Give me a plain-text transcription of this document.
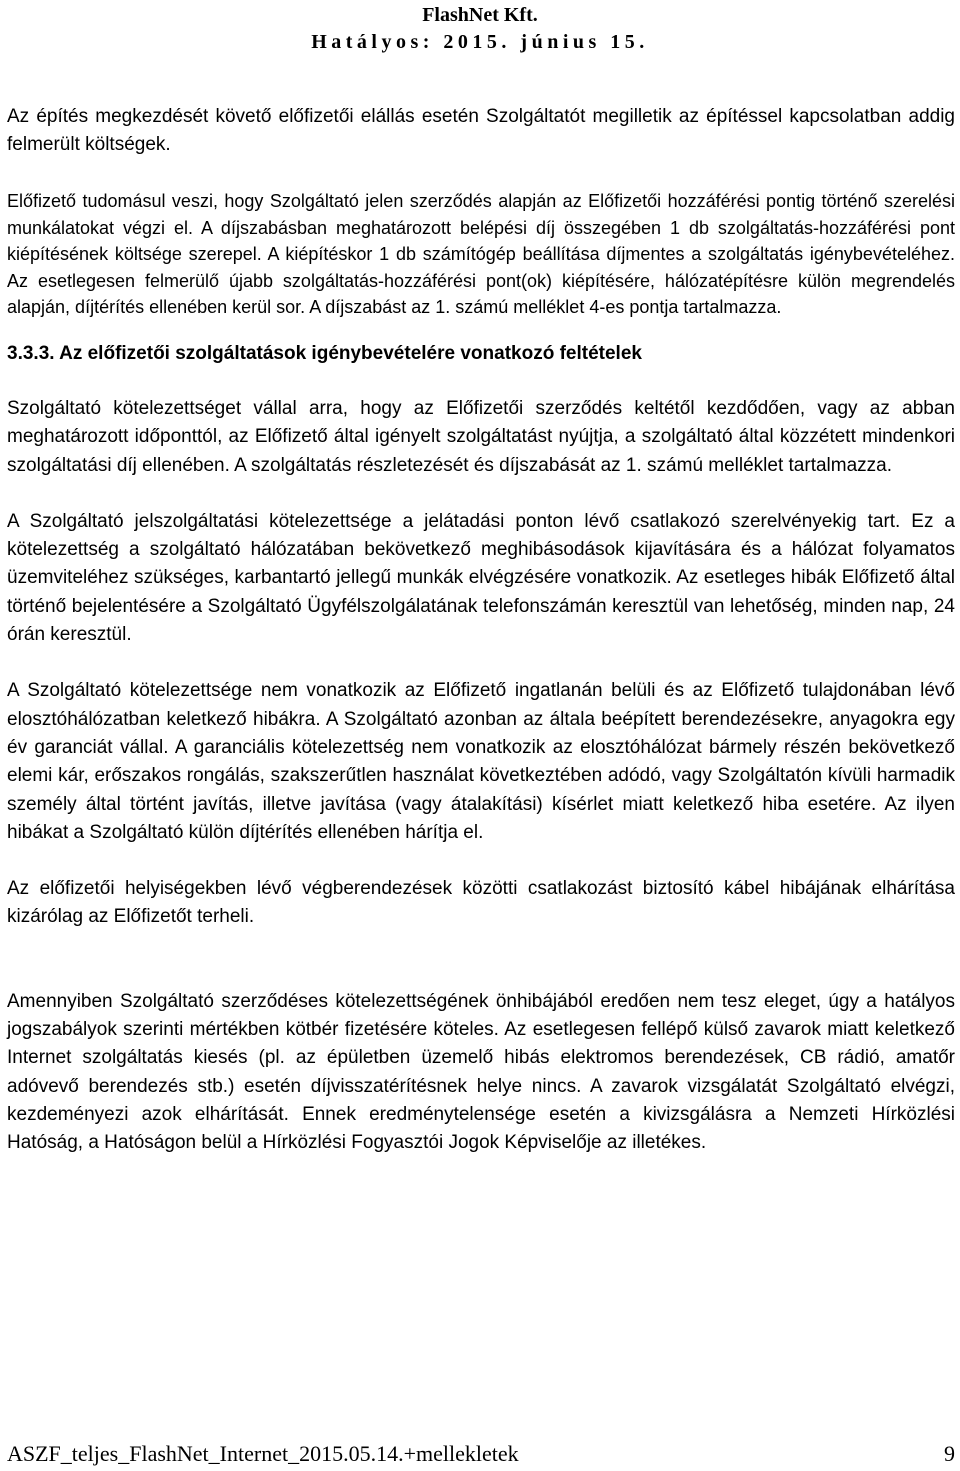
FlashNet Kft.
Hatályos: 2015. június 15.

Az építés megkezdését követő előfizetői elállás esetén Szolgáltatót megilletik az építéssel kapcsolatban addig felmerült költségek.

Előfizető tudomásul veszi, hogy Szolgáltató jelen szerződés alapján az Előfizetői hozzáférési pontig történő szerelési munkálatokat végzi el. A díjszabásban meghatározott belépési díj összegében 1 db szolgáltatás-hozzáférési pont kiépítésének költsége szerepel. A kiépítéskor 1 db számítógép beállítása díjmentes a szolgáltatás igénybevételéhez. Az esetlegesen felmerülő újabb szolgáltatás-hozzáférési pont(ok) kiépítésére, hálózatépítésre külön megrendelés alapján, díjtérítés ellenében kerül sor. A díjszabást az 1. számú melléklet 4-es pontja tartalmazza.

3.3.3. Az előfizetői szolgáltatások igénybevételére vonatkozó feltételek

Szolgáltató kötelezettséget vállal arra, hogy az Előfizetői szerződés keltétől kezdődően, vagy az abban meghatározott időponttól, az Előfizető által igényelt szolgáltatást nyújtja, a szolgáltató által közzétett mindenkori szolgáltatási díj ellenében. A szolgáltatás részletezését és díjszabását az 1. számú melléklet tartalmazza.

A Szolgáltató jelszolgáltatási kötelezettsége a jelátadási ponton lévő csatlakozó szerelvényekig tart. Ez a kötelezettség a szolgáltató hálózatában bekövetkező meghibásodások kijavítására és a hálózat folyamatos üzemviteléhez szükséges, karbantartó jellegű munkák elvégzésére vonatkozik. Az esetleges hibák Előfizető által történő bejelentésére a Szolgáltató Ügyfélszolgálatának telefonszámán keresztül van lehetőség, minden nap, 24 órán keresztül.

A Szolgáltató kötelezettsége nem vonatkozik az Előfizető ingatlanán belüli és az Előfizető tulajdonában lévő elosztóhálózatban keletkező hibákra. A Szolgáltató azonban az általa beépített berendezésekre, anyagokra egy év garanciát vállal. A garanciális kötelezettség nem vonatkozik az elosztóhálózat bármely részén bekövetkező elemi kár, erőszakos rongálás, szakszerűtlen használat következtében adódó, vagy Szolgáltatón kívüli harmadik személy által történt javítás, illetve javítása (vagy átalakítási) kísérlet miatt keletkező hiba esetére. Az ilyen hibákat a Szolgáltató külön díjtérítés ellenében hárítja el.

Az előfizetői helyiségekben lévő végberendezések közötti csatlakozást biztosító kábel hibájának elhárítása kizárólag az Előfizetőt terheli.

Amennyiben Szolgáltató szerződéses kötelezettségének önhibájából eredően nem tesz eleget, úgy a hatályos jogszabályok szerinti mértékben kötbér fizetésére köteles. Az esetlegesen fellépő külső zavarok miatt keletkező Internet szolgáltatás kiesés (pl. az épületben üzemelő hibás elektromos berendezések, CB rádió, amatőr adóvevő berendezés stb.) esetén díjvisszatérítésnek helye nincs. A zavarok vizsgálatát Szolgáltató elvégzi, kezdeményezi azok elhárítását. Ennek eredménytelensége esetén a kivizsgálásra a Nemzeti Hírközlési Hatóság, a Hatóságon belül a Hírközlési Fogyasztói Jogok Képviselője az illetékes.

ASZF_teljes_FlashNet_Internet_2015.05.14.+mellekletek	9
